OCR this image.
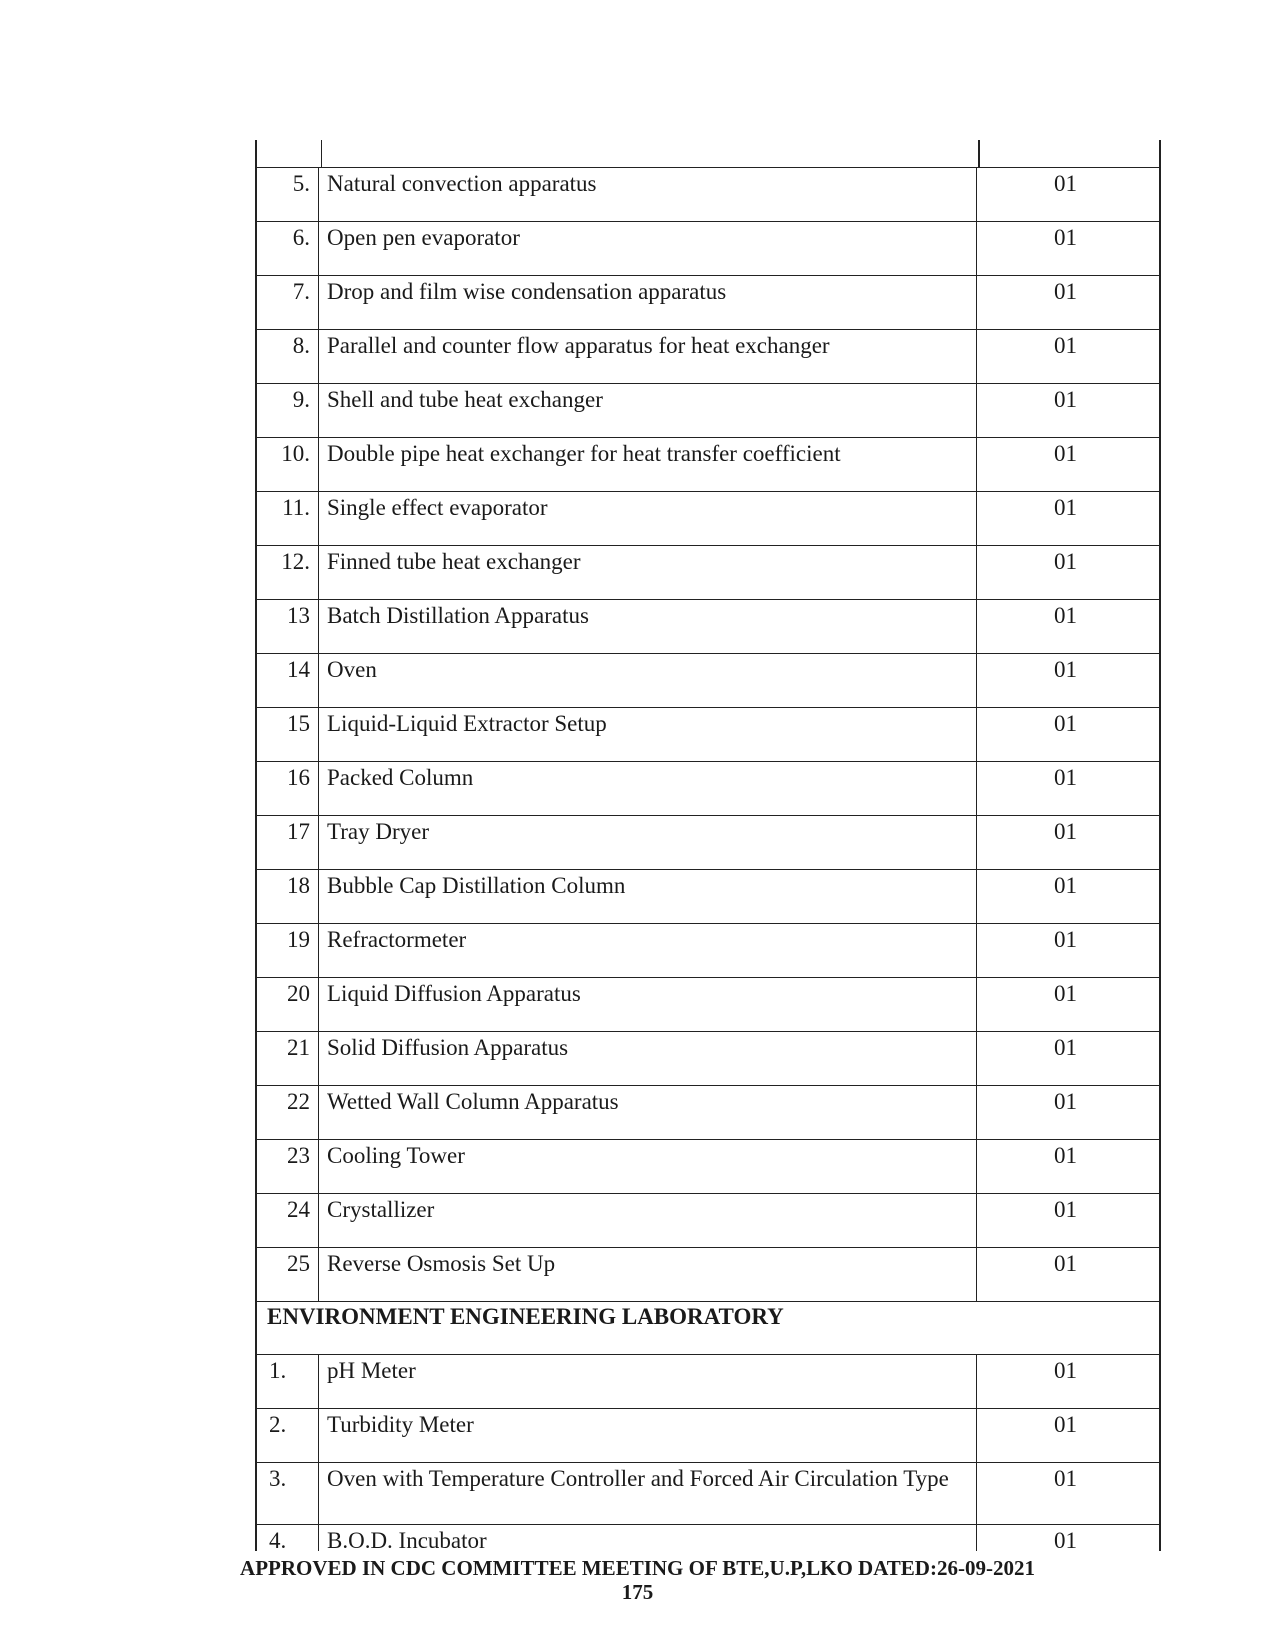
5. Natural convection apparatus	01
6. Open pen evaporator	01
7. Drop and film wise condensation apparatus	01
8. Parallel and counter flow apparatus for heat exchanger	01
9. Shell and tube heat exchanger	01
10. Double pipe heat exchanger for heat transfer coefficient	01
11. Single effect evaporator	01
12. Finned tube heat exchanger	01
13 Batch Distillation Apparatus	01
14 Oven	01
15 Liquid-Liquid Extractor Setup	01
16 Packed Column	01
17 Tray Dryer	01
18 Bubble Cap Distillation Column	01
19 Refractormeter	01
20 Liquid Diffusion Apparatus	01
21 Solid Diffusion Apparatus	01
22 Wetted Wall Column Apparatus	01
23 Cooling Tower	01
24 Crystallizer	01
25 Reverse Osmosis Set Up	01
ENVIRONMENT ENGINEERING LABORATORY
1.	pH Meter	01
2.	Turbidity Meter	01
3.	Oven with Temperature Controller and Forced Air Circulation Type	01
4.	B.O.D. Incubator	01
APPROVED IN CDC COMMITTEE MEETING OF BTE,U.P,LKO DATED:26-09-2021
175
